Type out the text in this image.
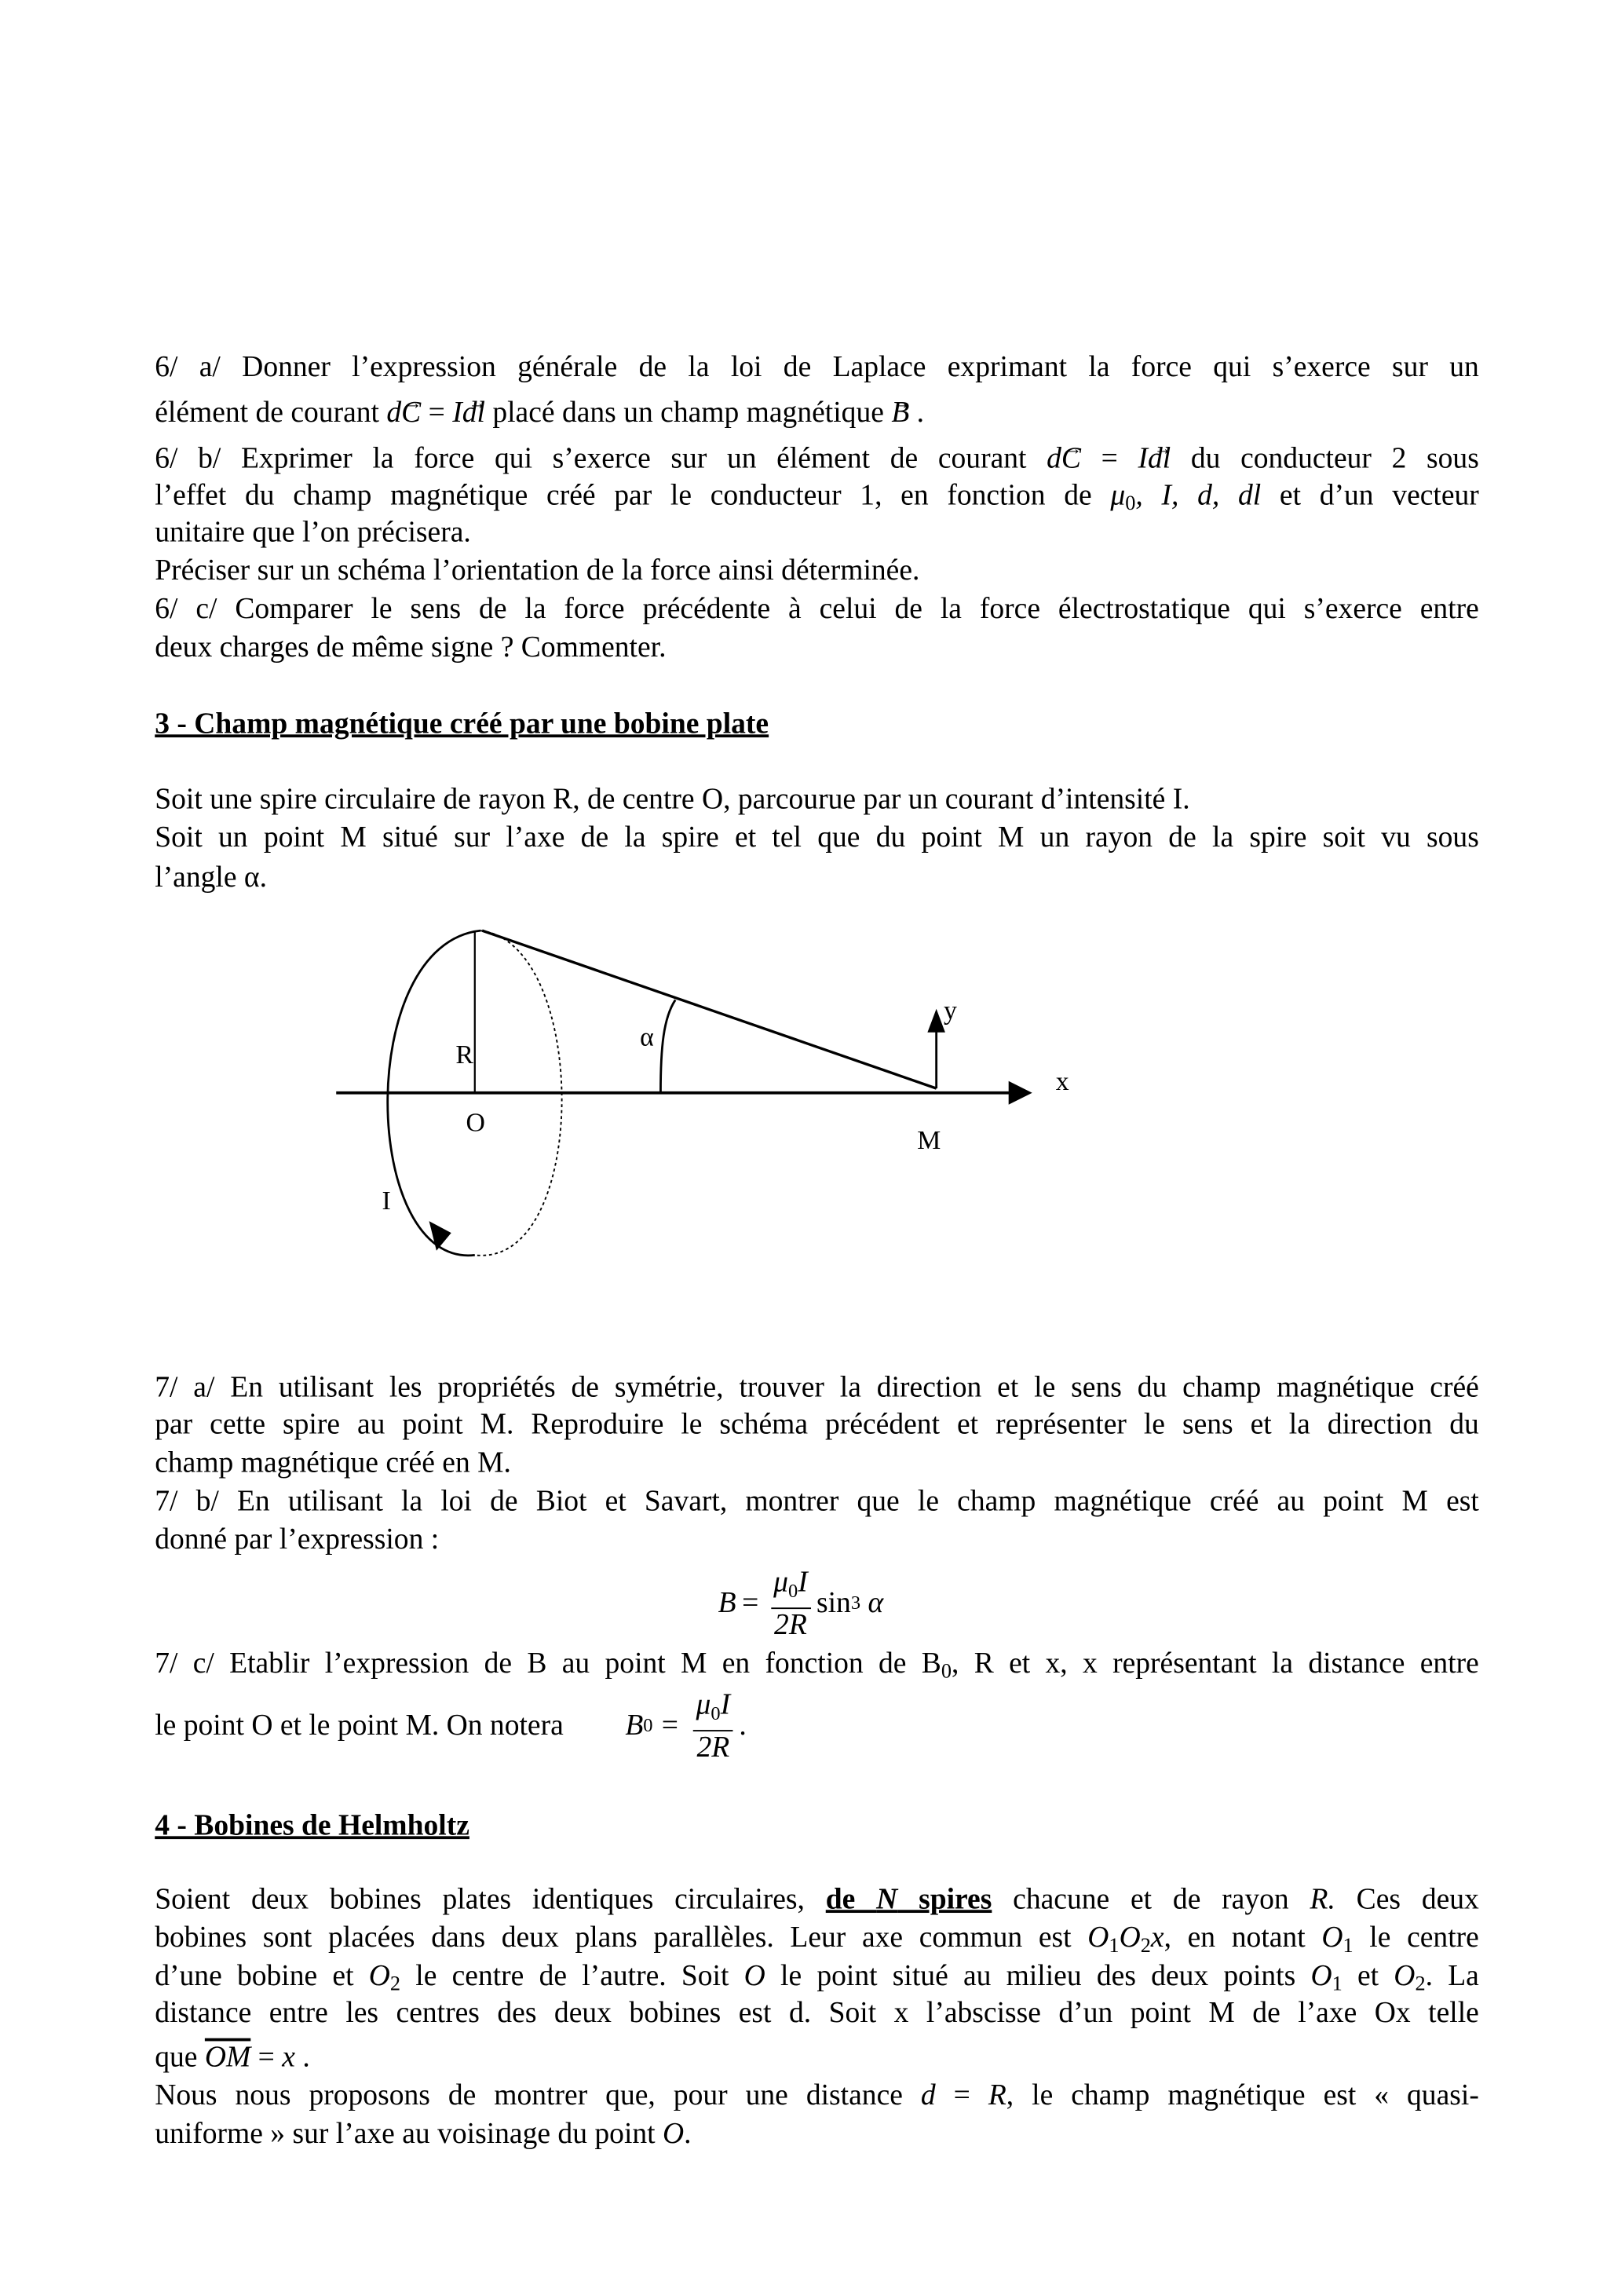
6/ a/ Donner l’expression générale de la loi de Laplace exprimant la force qui s’exerce sur un
élément de courant → dC = → Idl placé dans un champ magnétique → B .
6/ b/ Exprimer la force qui s’exerce sur un élément de courant → dC = → Idl du conducteur 2 sous
l’effet du champ magnétique créé par le conducteur 1, en fonction de μ0, I, d, dl et d’un vecteur
unitaire que l’on précisera.
Préciser sur un schéma l’orientation de la force ainsi déterminée.
6/ c/ Comparer le sens de la force précédente à celui de la force électrostatique qui s’exerce entre
deux charges de même signe ? Commenter.
3 - Champ magnétique créé par une bobine plate
Soit une spire circulaire de rayon R, de centre O, parcourue par un courant d’intensité I.
Soit un point M situé sur l’axe de la spire et tel que du point M un rayon de la spire soit vu sous
l’angle α.
7/ a/ En utilisant les propriétés de symétrie, trouver la direction et le sens du champ magnétique créé
par cette spire au point M. Reproduire le schéma précédent et représenter le sens et la direction du
champ magnétique créé en M.
7/ b/ En utilisant la loi de Biot et Savart, montrer que le champ magnétique créé au point M est
donné par l’expression :
7/ c/ Etablir l’expression de B au point M en fonction de B0, R et x, x représentant la distance entre
le point O et le point M. On notera
4 - Bobines de Helmholtz
Soient deux bobines plates identiques circulaires, de N spires chacune et de rayon R. Ces deux
bobines sont placées dans deux plans parallèles. Leur axe commun est O1O2x, en notant O1 le centre
d’une bobine et O2 le centre de l’autre. Soit O le point situé au milieu des deux points O1 et O2. La
distance entre les centres des deux bobines est d. Soit x l’abscisse d’un point M de l’axe Ox telle
que $\overline{OM} = x$ .
Nous nous proposons de montrer que, pour une distance d = R, le champ magnétique est « quasi-
uniforme » sur l’axe au voisinage du point O.
R
α
O
M
I
x
y
$B = \frac{\mu 0I}{2R}$ sin 3 α
B $0 = \frac{\mu 0I}{2R}$ .
